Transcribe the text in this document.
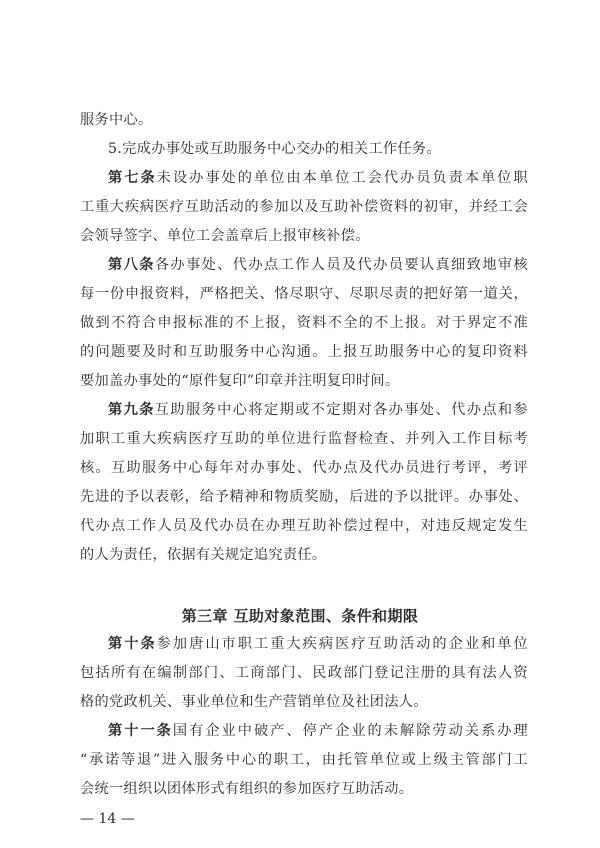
服务中心。
5.完成办事处或互助服务中心交办的相关工作任务。
第七条未设办事处的单位由本单位工会代办员负责本单位职
工重大疾病医疗互助活动的参加以及互助补偿资料的初审，并经工会
会领导签字、单位工会盖章后上报审核补偿。
第八条各办事处、代办点工作人员及代办员要认真细致地审核
每一份申报资料，严格把关、恪尽职守、尽职尽责的把好第一道关，
做到不符合申报标准的不上报，资料不全的不上报。对于界定不准
的问题要及时和互助服务中心沟通。上报互助服务中心的复印资料
要加盖办事处的“原件复印”印章并注明复印时间。
第九条互助服务中心将定期或不定期对各办事处、代办点和参
加职工重大疾病医疗互助的单位进行监督检查、并列入工作目标考
核。互助服务中心每年对办事处、代办点及代办员进行考评，考评
先进的予以表彰，给予精神和物质奖励，后进的予以批评。办事处、
代办点工作人员及代办员在办理互助补偿过程中，对违反规定发生
的人为责任，依据有关规定追究责任。
第三章 互助对象范围、条件和期限
第十条参加唐山市职工重大疾病医疗互助活动的企业和单位
包括所有在编制部门、工商部门、民政部门登记注册的具有法人资
格的党政机关、事业单位和生产营销单位及社团法人。
第十一条国有企业中破产、停产企业的未解除劳动关系办理
“承诺等退”进入服务中心的职工，由托管单位或上级主管部门工
会统一组织以团体形式有组织的参加医疗互助活动。
— 14 —
